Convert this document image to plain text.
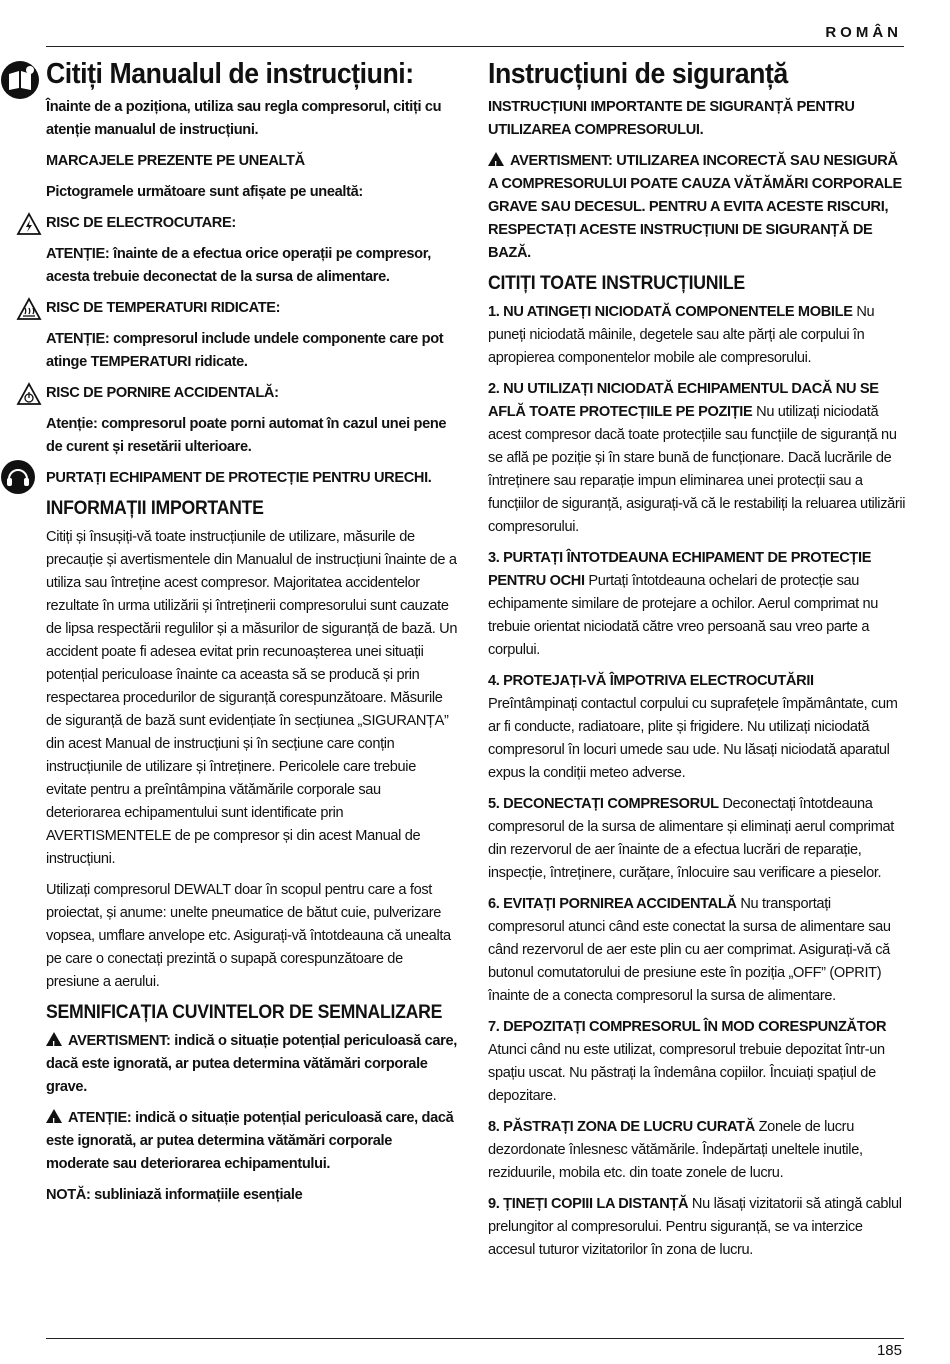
ROMÂN
Citiți Manualul de instrucțiuni:

Înainte de a poziționa, utiliza sau regla compresorul, citiți cu atenție manualul de instrucțiuni.

MARCAJELE PREZENTE PE UNEALTĂ

Pictogramele următoare sunt afișate pe unealtă:

RISC DE ELECTROCUTARE:

ATENȚIE: înainte de a efectua orice operații pe compresor, acesta trebuie deconectat de la sursa de alimentare.

RISC DE TEMPERATURI RIDICATE:

ATENȚIE: compresorul include undele componente care pot atinge TEMPERATURI ridicate.

RISC DE PORNIRE ACCIDENTALĂ:

Atenție: compresorul poate porni automat în cazul unei pene de curent și resetării ulterioare.

PURTAȚI ECHIPAMENT DE PROTECȚIE PENTRU URECHI.

INFORMAȚII IMPORTANTE

Citiți și însușiți-vă toate instrucțiunile de utilizare, măsurile de precauție și avertismentele din Manualul de instrucțiuni înainte de a utiliza sau întreține acest compresor. Majoritatea accidentelor rezultate în urma utilizării și întreținerii compresorului sunt cauzate de lipsa respectării regulilor și a măsurilor de siguranță de bază. Un accident poate fi adesea evitat prin recunoașterea unei situații potențial periculoase înainte ca aceasta să se producă și prin respectarea procedurilor de siguranță corespunzătoare. Măsurile de siguranță de bază sunt evidențiate în secțiunea „SIGURANȚA” din acest Manual de instrucțiuni și în secțiune care conțin instrucțiunile de utilizare și întreținere. Pericolele care trebuie evitate pentru a preîntâmpina vătămările corporale sau deteriorarea echipamentului sunt identificate prin AVERTISMENTELE de pe compresor și din acest Manual de instrucțiuni.

Utilizați compresorul DEWALT doar în scopul pentru care a fost proiectat, și anume: unelte pneumatice de bătut cuie, pulverizare vopsea, umflare anvelope etc. Asigurați-vă întotdeauna că unealta pe care o conectați prezintă o supapă corespunzătoare de presiune a aerului.

SEMNIFICAȚIA CUVINTELOR DE SEMNALIZARE

!AVERTISMENT: indică o situație potențial periculoasă care, dacă este ignorată, ar putea determina vătămări corporale grave.

!ATENȚIE: indică o situație potențial periculoasă care, dacă este ignorată, ar putea determina vătămări corporale moderate sau deteriorarea echipamentului.

NOTĂ: subliniază informațiile esențiale

Instrucțiuni de siguranță

INSTRUCȚIUNI IMPORTANTE DE SIGURANȚĂ PENTRU UTILIZAREA COMPRESORULUI.

!AVERTISMENT: UTILIZAREA INCORECTĂ SAU NESIGURĂ A COMPRESORULUI POATE CAUZA VĂTĂMĂRI CORPORALE GRAVE SAU DECESUL. PENTRU A EVITA ACESTE RISCURI, RESPECTAȚI ACESTE INSTRUCȚIUNI DE SIGURANȚĂ DE BAZĂ.

CITIȚI TOATE INSTRUCȚIUNILE

1. NU ATINGEȚI NICIODATĂ COMPONENTELE MOBILE Nu puneți niciodată mâinile, degetele sau alte părți ale corpului în apropierea componentelor mobile ale compresorului.

2. NU UTILIZAȚI NICIODATĂ ECHIPAMENTUL DACĂ NU SE AFLĂ TOATE PROTECȚIILE PE POZIȚIE Nu utilizați niciodată acest compresor dacă toate protecțiile sau funcțiile de siguranță nu se află pe poziție și în stare bună de funcționare. Dacă lucrările de întreținere sau reparație impun eliminarea unei protecții sau a funcțiilor de siguranță, asigurați-vă că le restabiliți la reluarea utilizării compresorului.

3. PURTAȚI ÎNTOTDEAUNA ECHIPAMENT DE PROTECȚIE PENTRU OCHI Purtați întotdeauna ochelari de protecție sau echipamente similare de protejare a ochilor. Aerul comprimat nu trebuie orientat niciodată către vreo persoană sau vreo parte a corpului.

4. PROTEJAȚI-VĂ ÎMPOTRIVA ELECTROCUTĂRII Preîntâmpinați contactul corpului cu suprafețele împământate, cum ar fi conducte, radiatoare, plite și frigidere. Nu utilizați niciodată compresorul în locuri umede sau ude. Nu lăsați niciodată aparatul expus la condiții meteo adverse.

5. DECONECTAȚI COMPRESORUL Deconectați întotdeauna compresorul de la sursa de alimentare și eliminați aerul comprimat din rezervorul de aer înainte de a efectua lucrări de reparație, inspecție, întreținere, curățare, înlocuire sau verificare a pieselor.

6. EVITAȚI PORNIREA ACCIDENTALĂ Nu transportați compresorul atunci când este conectat la sursa de alimentare sau când rezervorul de aer este plin cu aer comprimat. Asigurați-vă că butonul comutatorului de presiune este în poziția „OFF” (OPRIT) înainte de a conecta compresorul la sursa de alimentare.

7. DEPOZITAȚI COMPRESORUL ÎN MOD CORESPUNZĂTOR Atunci când nu este utilizat, compresorul trebuie depozitat într-un spațiu uscat. Nu păstrați la îndemâna copiilor. Încuiați spațiul de depozitare.

8. PĂSTRAȚI ZONA DE LUCRU CURATĂ Zonele de lucru dezordonate înlesnesc vătămările. Îndepărtați uneltele inutile, reziduurile, mobila etc. din toate zonele de lucru.

9. ȚINEȚI COPIII LA DISTANȚĂ Nu lăsați vizitatorii să atingă cablul prelungitor al compresorului. Pentru siguranță, se va interzice accesul tuturor vizitatorilor în zona de lucru.

185
